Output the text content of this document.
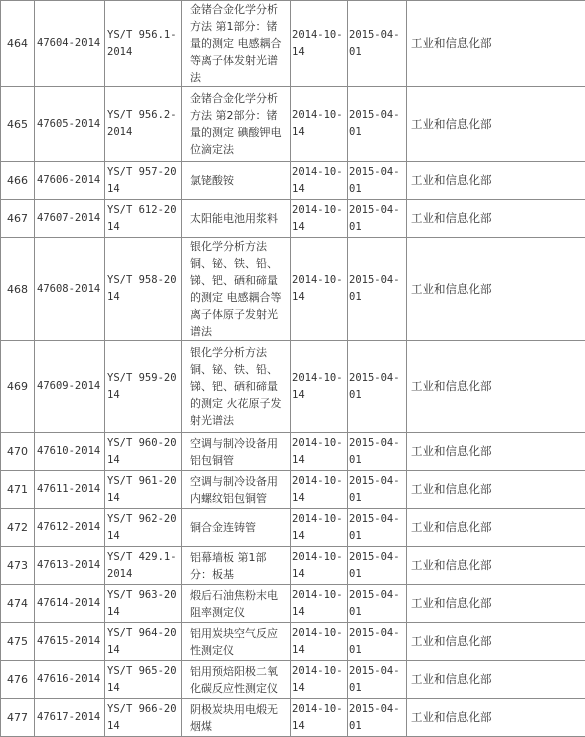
464	47604-2014	YS/T 956.1-2014	金锗合金化学分析方法 第1部分：锗量的测定 电感耦合等离子体发射光谱法	2014-10-14	2015-04-01	工业和信息化部
465	47605-2014	YS/T 956.2-2014	金锗合金化学分析方法 第2部分：锗量的测定 碘酸钾电位滴定法	2014-10-14	2015-04-01	工业和信息化部
466	47606-2014	YS/T 957-2014	氯铑酸铵	2014-10-14	2015-04-01	工业和信息化部
467	47607-2014	YS/T 612-2014	太阳能电池用浆料	2014-10-14	2015-04-01	工业和信息化部
468	47608-2014	YS/T 958-2014	银化学分析方法 铜、铋、铁、铅、锑、钯、硒和碲量的测定 电感耦合等离子体原子发射光谱法	2014-10-14	2015-04-01	工业和信息化部
469	47609-2014	YS/T 959-2014	银化学分析方法 铜、铋、铁、铅、锑、钯、硒和碲量的测定 火花原子发射光谱法	2014-10-14	2015-04-01	工业和信息化部
470	47610-2014	YS/T 960-2014	空调与制冷设备用铝包铜管	2014-10-14	2015-04-01	工业和信息化部
471	47611-2014	YS/T 961-2014	空调与制冷设备用内螺纹铝包铜管	2014-10-14	2015-04-01	工业和信息化部
472	47612-2014	YS/T 962-2014	铜合金连铸管	2014-10-14	2015-04-01	工业和信息化部
473	47613-2014	YS/T 429.1-2014	铝幕墙板 第1部分：板基	2014-10-14	2015-04-01	工业和信息化部
474	47614-2014	YS/T 963-2014	煅后石油焦粉末电阻率测定仪	2014-10-14	2015-04-01	工业和信息化部
475	47615-2014	YS/T 964-2014	铝用炭块空气反应性测定仪	2014-10-14	2015-04-01	工业和信息化部
476	47616-2014	YS/T 965-2014	铝用预焙阳极二氧化碳反应性测定仪	2014-10-14	2015-04-01	工业和信息化部
477	47617-2014	YS/T 966-2014	阴极炭块用电煅无烟煤	2014-10-14	2015-04-01	工业和信息化部
